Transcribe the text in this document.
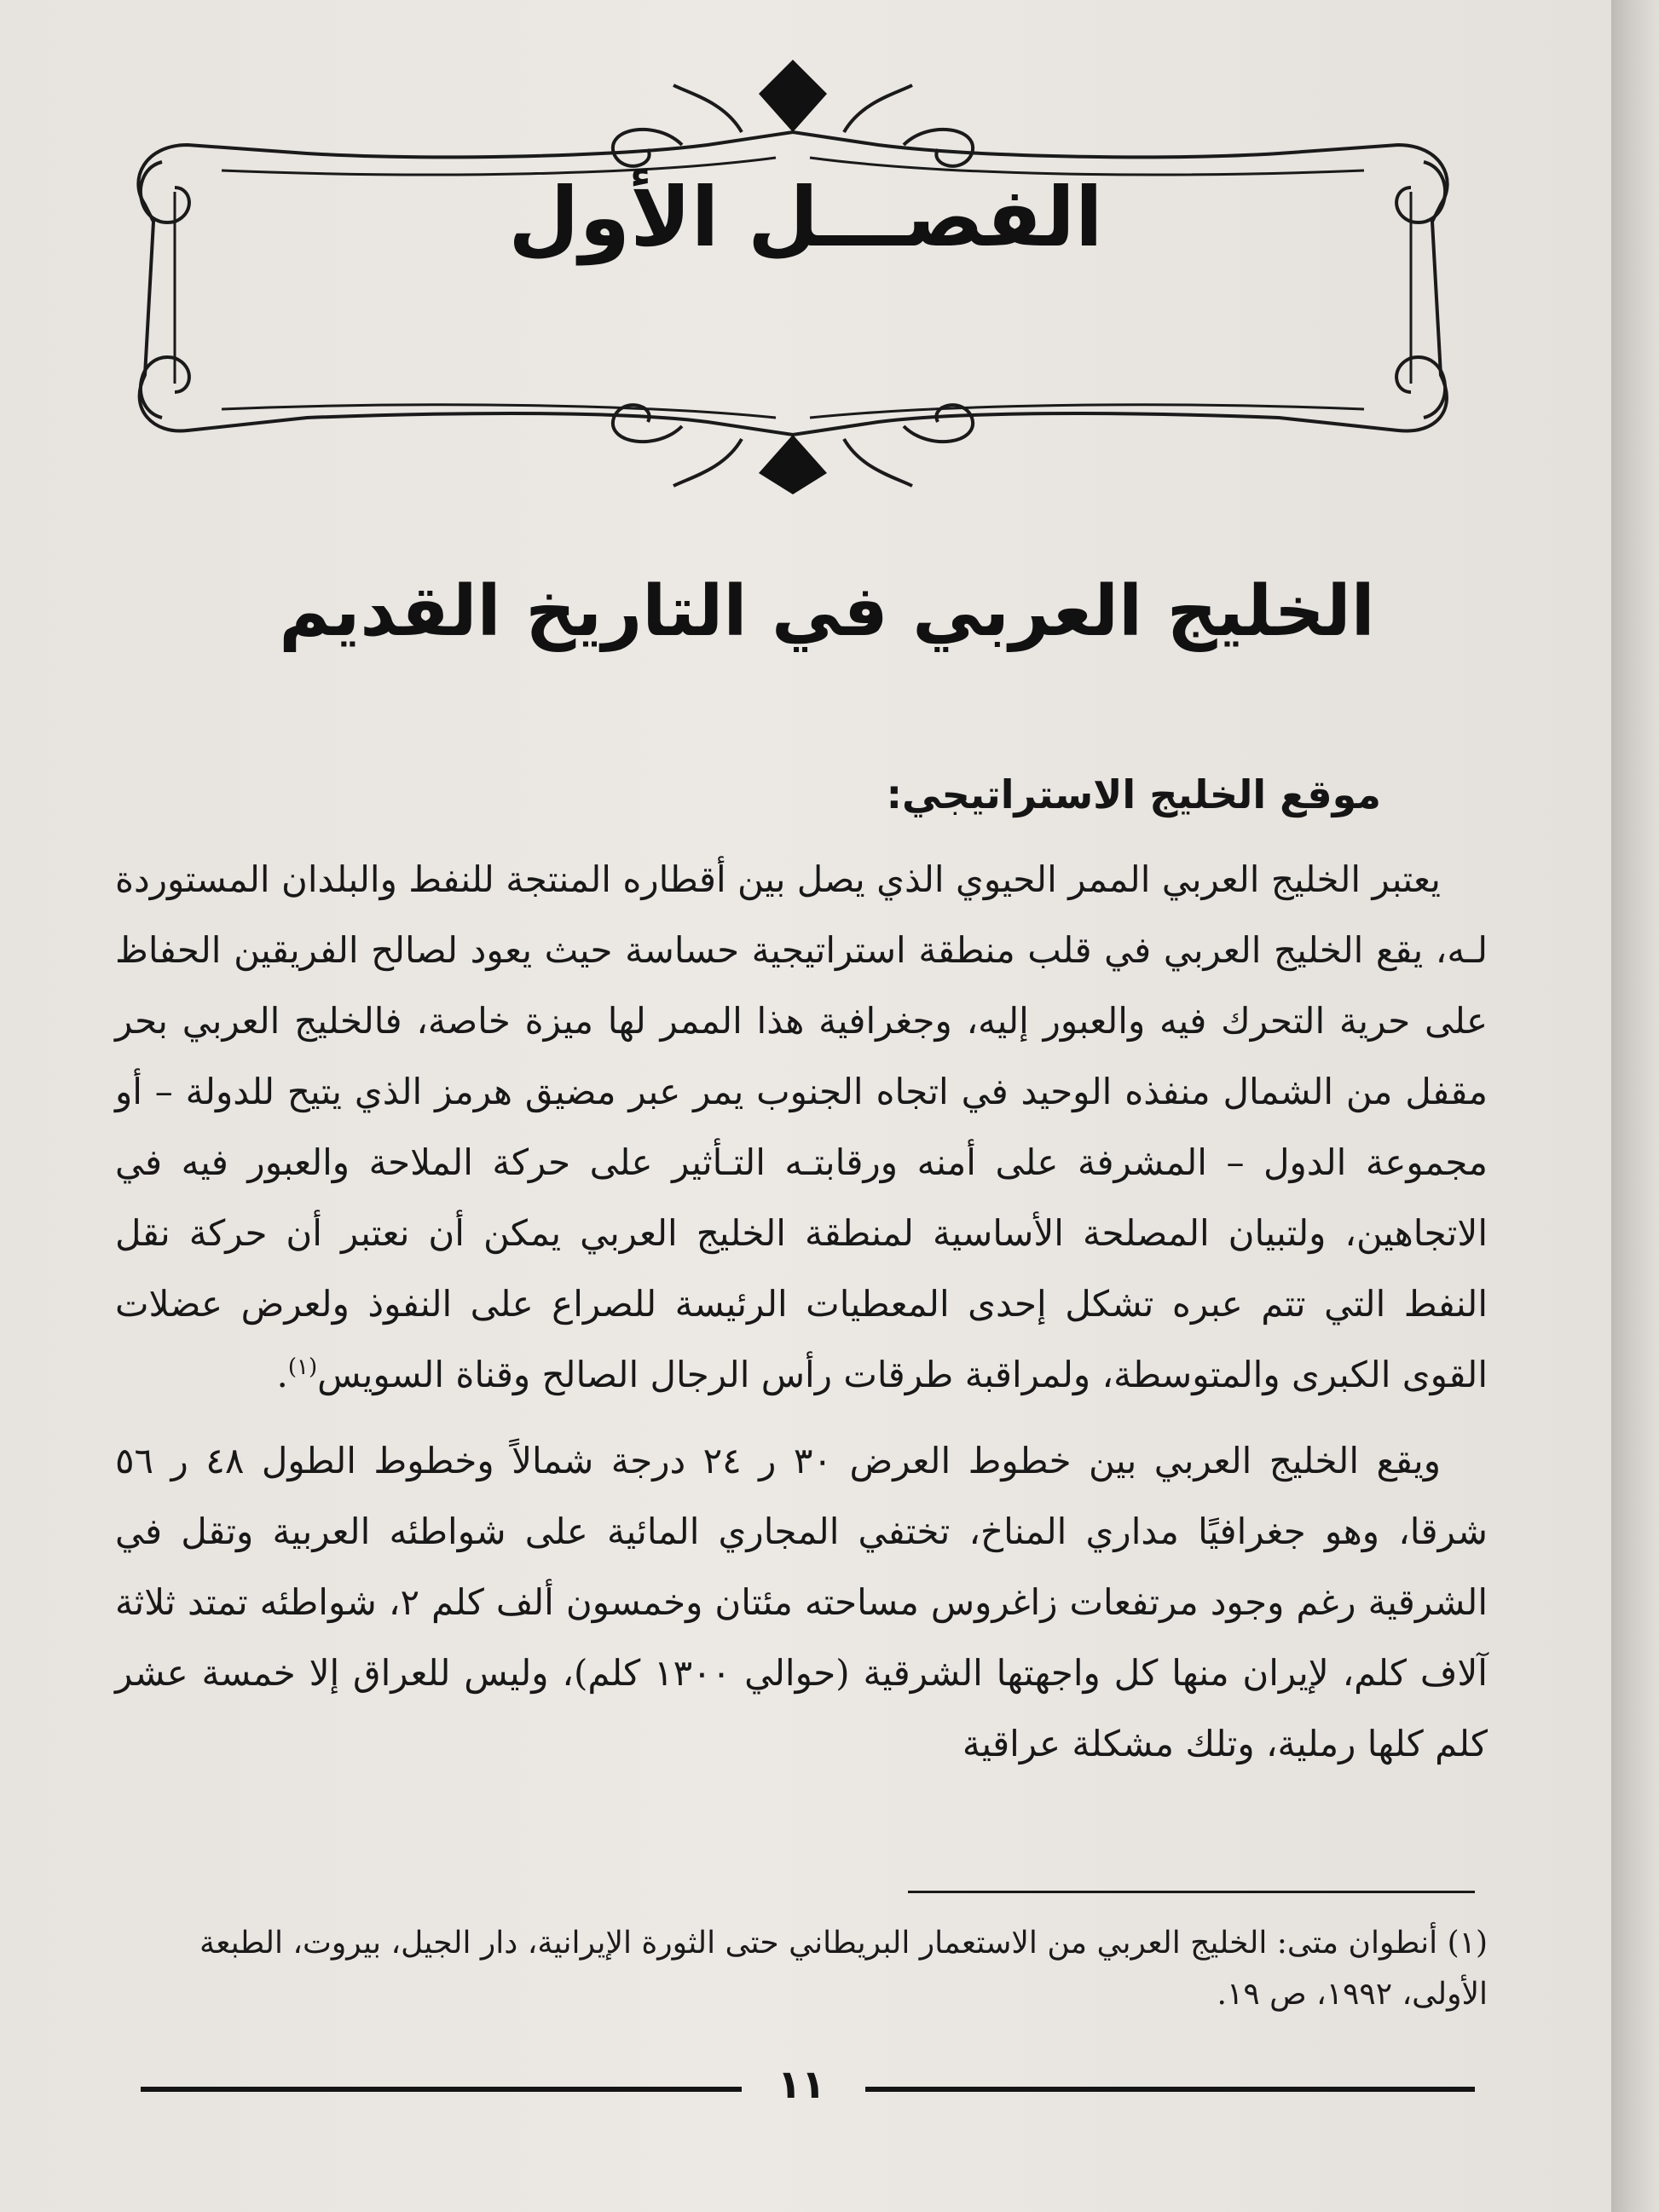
الفصـــل الأول
الخليج العربي في التاريخ القديم
موقع الخليج الاستراتيجي:

يعتبر الخليج العربي الممر الحيوي الذي يصل بين أقطاره المنتجة للنفط والبلدان المستوردة لـه، يقع الخليج العربي في قلب منطقة استراتيجية حساسة حيث يعود لصالح الفريقين الحفاظ على حرية التحرك فيه والعبور إليه، وجغرافية هذا الممر لها ميزة خاصة، فالخليج العربي بحر مقفل من الشمال منفذه الوحيد في اتجاه الجنوب يمر عبر مضيق هرمز الذي يتيح للدولة – أو مجموعة الدول – المشرفة على أمنه ورقابتـه التـأثير على حركة الملاحة والعبور فيه في الاتجاهين، ولتبيان المصلحة الأساسية لمنطقة الخليج العربي يمكن أن نعتبر أن حركة نقل النفط التي تتم عبره تشكل إحدى المعطيات الرئيسة للصراع على النفوذ ولعرض عضلات القوى الكبرى والمتوسطة، ولمراقبة طرقات رأس الرجال الصالح وقناة السويس$^{(١)}$.

ويقع الخليج العربي بين خطوط العرض ٣٠ ر ٢٤ درجة شمالاً وخطوط الطول ٤٨ ر ٥٦ شرقا، وهو جغرافيًا مداري المناخ، تختفي المجاري المائية على شواطئه العربية وتقل في الشرقية رغم وجود مرتفعات زاغروس مساحته مئتان وخمسون ألف كلم ٢، شواطئه تمتد ثلاثة آلاف كلم، لإيران منها كل واجهتها الشرقية (حوالي ١٣٠٠ كلم)، وليس للعراق إلا خمسة عشر كلم كلها رملية، وتلك مشكلة عراقية

(١) أنطوان متى: الخليج العربي من الاستعمار البريطاني حتى الثورة الإيرانية، دار الجيل، بيروت، الطبعة الأولى، ١٩٩٢، ص ١٩.
١١
